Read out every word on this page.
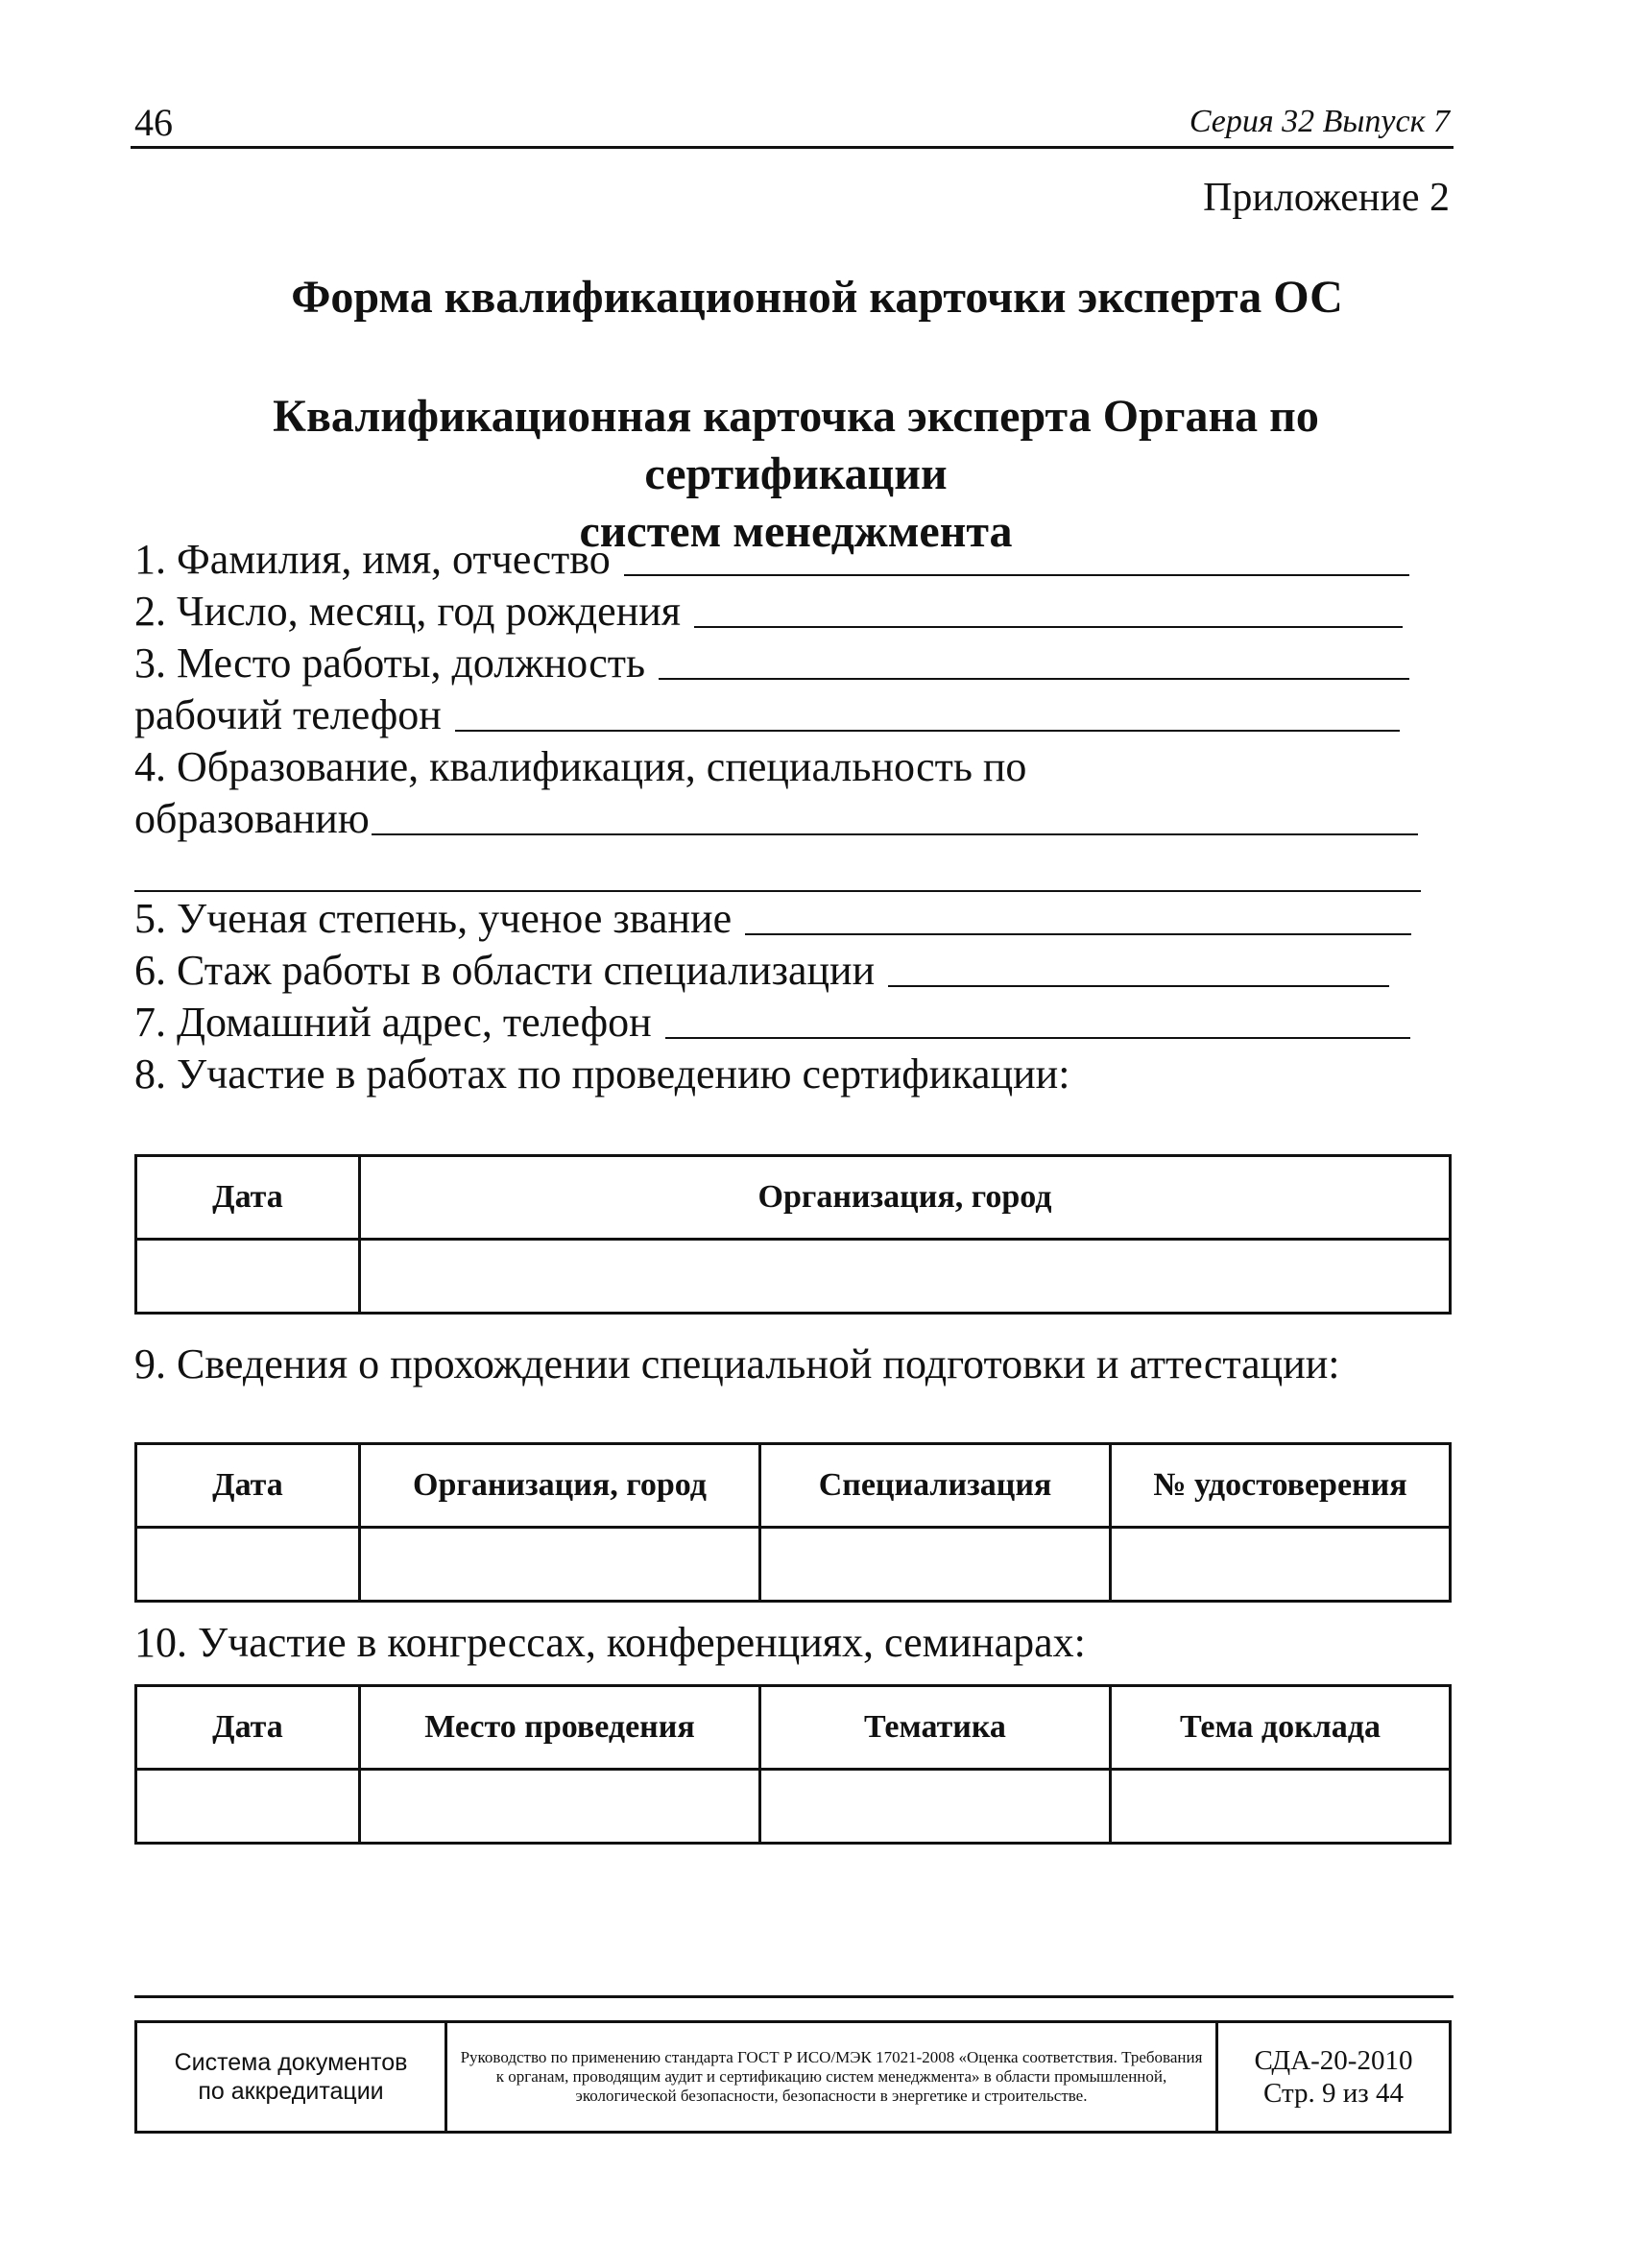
46	Серия 32 Выпуск 7
Приложение 2
Форма квалификационной карточки эксперта ОС
Квалификационная карточка эксперта Органа по сертификации
систем менеджмента
1. Фамилия, имя, отчество
2. Число, месяц, год рождения
3. Место работы, должность
рабочий телефон
4. Образование, квалификация, специальность по
образованию
5. Ученая степень, ученое звание
6. Стаж работы в области специализации
7. Домашний адрес, телефон
8. Участие в работах по проведению сертификации:
Дата	Организация, город

9. Сведения о прохождении специальной подготовки и аттестации:
Дата	Организация, город	Специализация	№ удостоверения

10. Участие в конгрессах, конференциях, семинарах:
Дата	Место проведения	Тематика	Тема доклада

Система документов
по аккредитации
	Руководство по применению стандарта ГОСТ Р ИСО/МЭК 17021-2008 «Оценка соответствия. Требования к органам, проводящим аудит и сертификацию систем менеджмента» в области промышленной, экологической безопасности, безопасности в энергетике и строительстве.	
СДА-20-2010
Стр. 9 из 44
